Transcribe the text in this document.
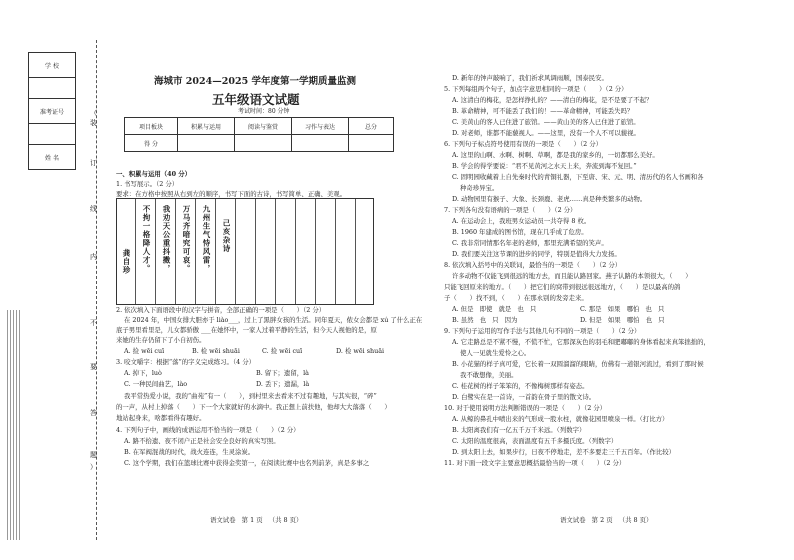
学 校

准考证号

姓 名
（
装
订
线
内
不
要
答
题
）
海城市 2024—2025 学年度第一学期质量监测
五年级语文试题
考试时间：80 分钟
项目板块	积累与运用	阅读与鉴赏	习作与表达	总分
得 分				
一、积累与运用（40 分）
1. 书写展示。（2 分）
要求：在方格中按照从右到左的顺序，书写下面的古诗，书写简单、正确、美观。
龚自珍 不拘一格降人才。 我劝天公重抖擞， 万马齐喑究可哀。 九州生气恃风雷， 己亥杂诗
2. 依次填入下面语段中的汉字与拼音，全部正确的一项是（　　）（2 分）
在 2024 年，中国女排大胆亦于 liào___，过上了黑胖女孩的生活。同年夏天，侬女会都是 xú 了什么正在
底子男里看里是，儿女都骄傲 ___在她怀中，一家人过着平静的生活，但今天人视他的是，原
来她的生存仍留下了小自初伤。
A. 捡 wēi cuī	B. 检 wēi shuāi	C. 捡 wēi cuī	D. 检 wēi shuāi
3. 咬文嚼字：根据“落”的字义完成练习。（4 分）
A. 掉下，luò	B. 留下；遗留，là
C. 一种民间曲艺，lào	D. 丢下；遗漏，là
我平常热爱小说，我的“曲苑”有一（　　），到村里来去看来不过有趣地，与其实很，“碎”
的一声，从村上掉落（　　）下一个大家就好的水滴中。我正想上前扶他，他却大大落落（　　）
地站起身来，啥都看得有趣好。
4. 下列句子中，画线的成语运用不恰当的一项是（　　）（2 分）
A. 路不拾遗、夜不闭户正是社会安全良好的真实写照。
B. 在军阀混战的时代，战火连连，生灵涂炭。
C. 这个学期，我们在篮球比赛中获得金奖第一，在阅读比赛中也名列前茅，真是多事之
语文试卷 第 1 页 （共 8 页）
D. 新年的钟声敲响了，我们祈求风调雨顺，国泰民安。
5. 下列每组两个句子，加点字意思相同的一项是（　　）（2 分）
A. 这清白的梅花，是怎样挣扎的？——清白的梅花，是不是要了不起？
B. 革命精神，可不能丢了我们的！——革命精神，可能丢失吗？
C. 美黄山的客人已住进了旅馆。——黄山美的客人已住进了旅馆。
D. 对老师，谁都不能藐视人。——这里，没有一个人不可以藐视。
6. 下列句子标点符号使用有误的一项是（　　）（2 分）
A. 这里的山啊、水啊、树啊、草啊，都是我的家乡的，一切都那么美好。
B. 学会的得学要说：“君不见黄河之水天上来，奔流到海不复回。”
C. 固明园收藏着上自先秦时代的青铜礼器，下至唐、宋、元、明、清历代的名人书画和各
种奇珍异宝。
D. 动物园里有猴子、大象、长颈鹿、老虎……真是种类繁多的动物。
7. 下列各句没有语病的一项是（　　）（2 分）
A. 在运动会上，我班男女运动员一共夺得 8 枚。
B. 1960 年建成的图书馆，现在几乎成了危房。
C. 我非常同情那名年老的老师，那里充满希望的笑声。
D. 我们要关注这节课的进步的同学，特别是值得大力发扬。
8. 依次填入括号中的关联词，最恰当的一项是（　　）（2 分）
许多动物不仅能飞到很远的地方去，而且能认路回家。燕子认路的本领很大，（　　）
只能飞回原来的地方。（　　）把它们的窝带到很远很远地方，（　　）是以最高的鸽
子（　　）找不到，（　　）在那永别的发旁走来。
A. 但是 即使 就是 也 只	C. 那是 如果 哪怕 也 只
B. 虽然 也 只 因为	D. 但是 如果 哪怕 也 只
9. 下列句子运用的写作手法与其他几句不同的一项是（　　）（2 分）
A. 它走路总是不紧不慢，不慌不忙，它那深灰色的羽毛和肥嘟嘟的身体看起来真笨拙拙的，
使人一见就生爱怜之心。
B. 小花猫的样子真可爱，它长着一双圆溜溜的眼睛，仿佛有一道银河流过，看到了那时候
我不敢想像，美丽。
C. 桂花树的样子笨笨的，不像梅树那样有姿态。
D. 白鹭实在是一首诗，一首韵在骨子里的散文诗。
10. 对于使用说明方法判断错误的一项是（　　）（2 分）
A. 从鲸的鼻孔中喷出来的气形成一股水柱，就像花园里喷泉一样。（打比方）
B. 太阳离我们有一亿五千万千米远。（列数字）
C. 太阳的温度很高，表面温度有五千多摄氏度。（列数字）
D. 到太阳上去，如果步行，日夜不停地走，差不多要走三千五百年。（作比较）
11. 对下面一段文字主要意思概括最恰当的一项（　　）（2 分）
语文试卷 第 2 页 （共 8 页）
